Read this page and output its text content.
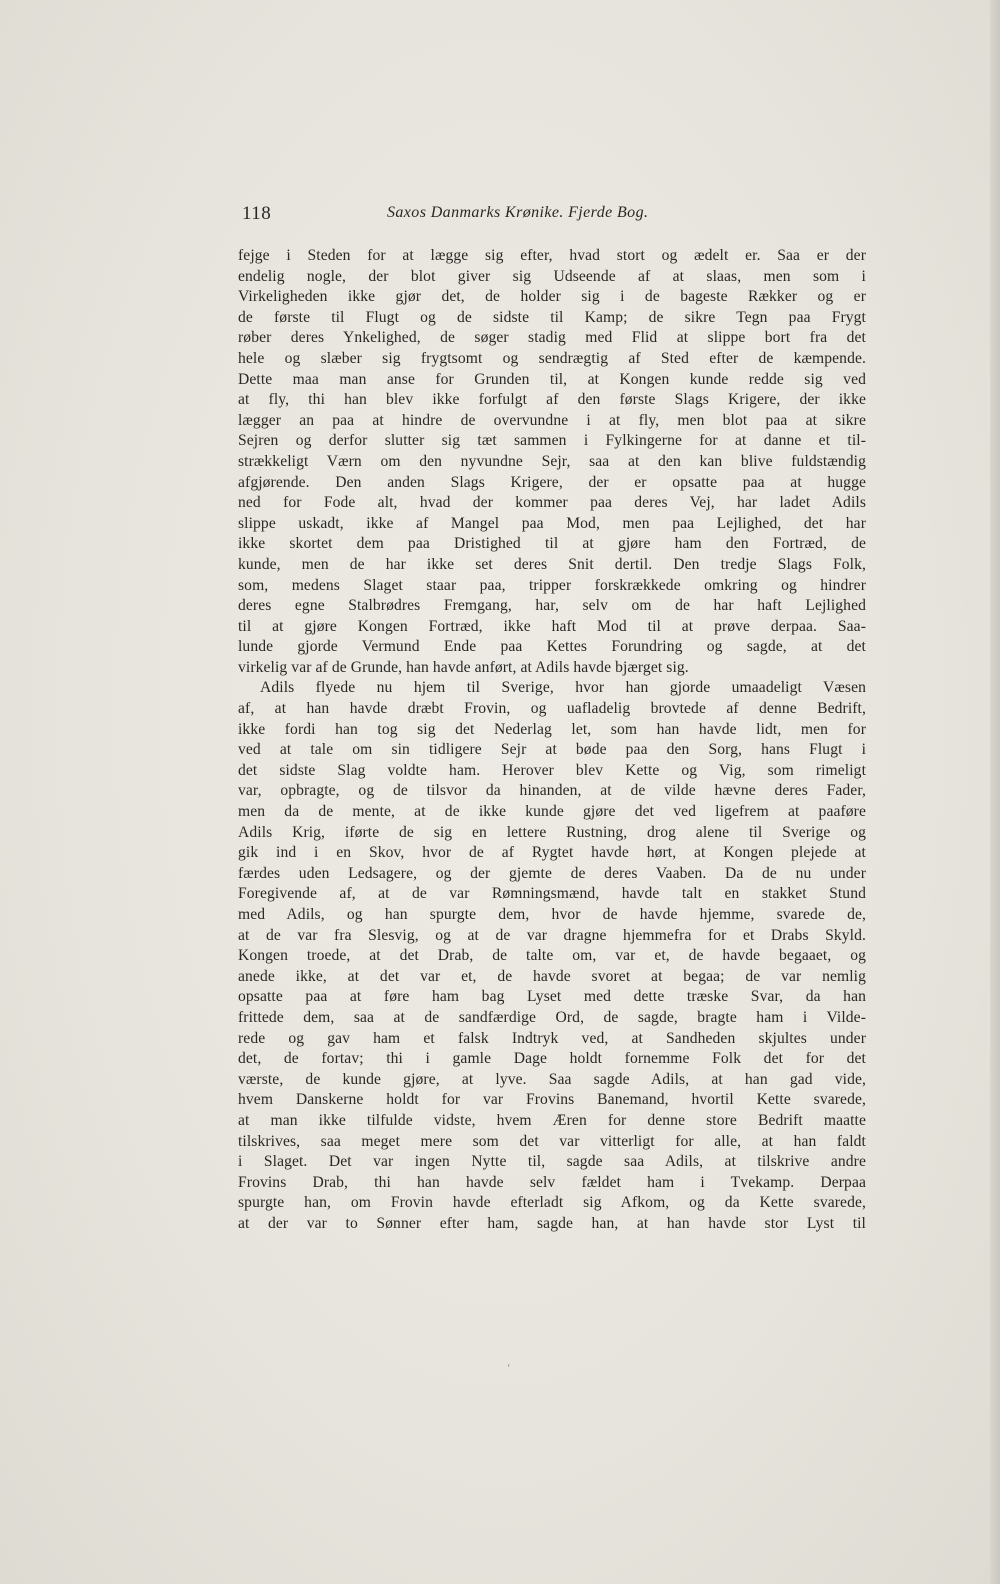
118	Saxos Danmarks Krønike. Fjerde Bog.
fejge i Steden for at lægge sig efter, hvad stort og ædelt er. Saa er der
endelig nogle, der blot giver sig Udseende af at slaas, men som i
Virkeligheden ikke gjør det, de holder sig i de bageste Rækker og er
de første til Flugt og de sidste til Kamp; de sikre Tegn paa Frygt
røber deres Ynkelighed, de søger stadig med Flid at slippe bort fra det
hele og slæber sig frygtsomt og sendrægtig af Sted efter de kæmpende.
Dette maa man anse for Grunden til, at Kongen kunde redde sig ved
at fly, thi han blev ikke forfulgt af den første Slags Krigere, der ikke
lægger an paa at hindre de overvundne i at fly, men blot paa at sikre
Sejren og derfor slutter sig tæt sammen i Fylkingerne for at danne et til-
strækkeligt Værn om den nyvundne Sejr, saa at den kan blive fuldstændig
afgjørende. Den anden Slags Krigere, der er opsatte paa at hugge
ned for Fode alt, hvad der kommer paa deres Vej, har ladet Adils
slippe uskadt, ikke af Mangel paa Mod, men paa Lejlighed, det har
ikke skortet dem paa Dristighed til at gjøre ham den Fortræd, de
kunde, men de har ikke set deres Snit dertil. Den tredje Slags Folk,
som, medens Slaget staar paa, tripper forskrækkede omkring og hindrer
deres egne Stalbrødres Fremgang, har, selv om de har haft Lejlighed
til at gjøre Kongen Fortræd, ikke haft Mod til at prøve derpaa. Saa-
lunde gjorde Vermund Ende paa Kettes Forundring og sagde, at det
virkelig var af de Grunde, han havde anført, at Adils havde bjærget sig.
Adils flyede nu hjem til Sverige, hvor han gjorde umaadeligt Væsen
af, at han havde dræbt Frovin, og uafladelig brovtede af denne Bedrift,
ikke fordi han tog sig det Nederlag let, som han havde lidt, men for
ved at tale om sin tidligere Sejr at bøde paa den Sorg, hans Flugt i
det sidste Slag voldte ham. Herover blev Kette og Vig, som rimeligt
var, opbragte, og de tilsvor da hinanden, at de vilde hævne deres Fader,
men da de mente, at de ikke kunde gjøre det ved ligefrem at paaføre
Adils Krig, iførte de sig en lettere Rustning, drog alene til Sverige og
gik ind i en Skov, hvor de af Rygtet havde hørt, at Kongen plejede at
færdes uden Ledsagere, og der gjemte de deres Vaaben. Da de nu under
Foregivende af, at de var Rømningsmænd, havde talt en stakket Stund
med Adils, og han spurgte dem, hvor de havde hjemme, svarede de,
at de var fra Slesvig, og at de var dragne hjemmefra for et Drabs Skyld.
Kongen troede, at det Drab, de talte om, var et, de havde begaaet, og
anede ikke, at det var et, de havde svoret at begaa; de var nemlig
opsatte paa at føre ham bag Lyset med dette træske Svar, da han
frittede dem, saa at de sandfærdige Ord, de sagde, bragte ham i Vilde-
rede og gav ham et falsk Indtryk ved, at Sandheden skjultes under
det, de fortav; thi i gamle Dage holdt fornemme Folk det for det
værste, de kunde gjøre, at lyve. Saa sagde Adils, at han gad vide,
hvem Danskerne holdt for var Frovins Banemand, hvortil Kette svarede,
at man ikke tilfulde vidste, hvem Æren for denne store Bedrift maatte
tilskrives, saa meget mere som det var vitterligt for alle, at han faldt
i Slaget. Det var ingen Nytte til, sagde saa Adils, at tilskrive andre
Frovins Drab, thi han havde selv fældet ham i Tvekamp. Derpaa
spurgte han, om Frovin havde efterladt sig Afkom, og da Kette svarede,
at der var to Sønner efter ham, sagde han, at han havde stor Lyst til
‘
